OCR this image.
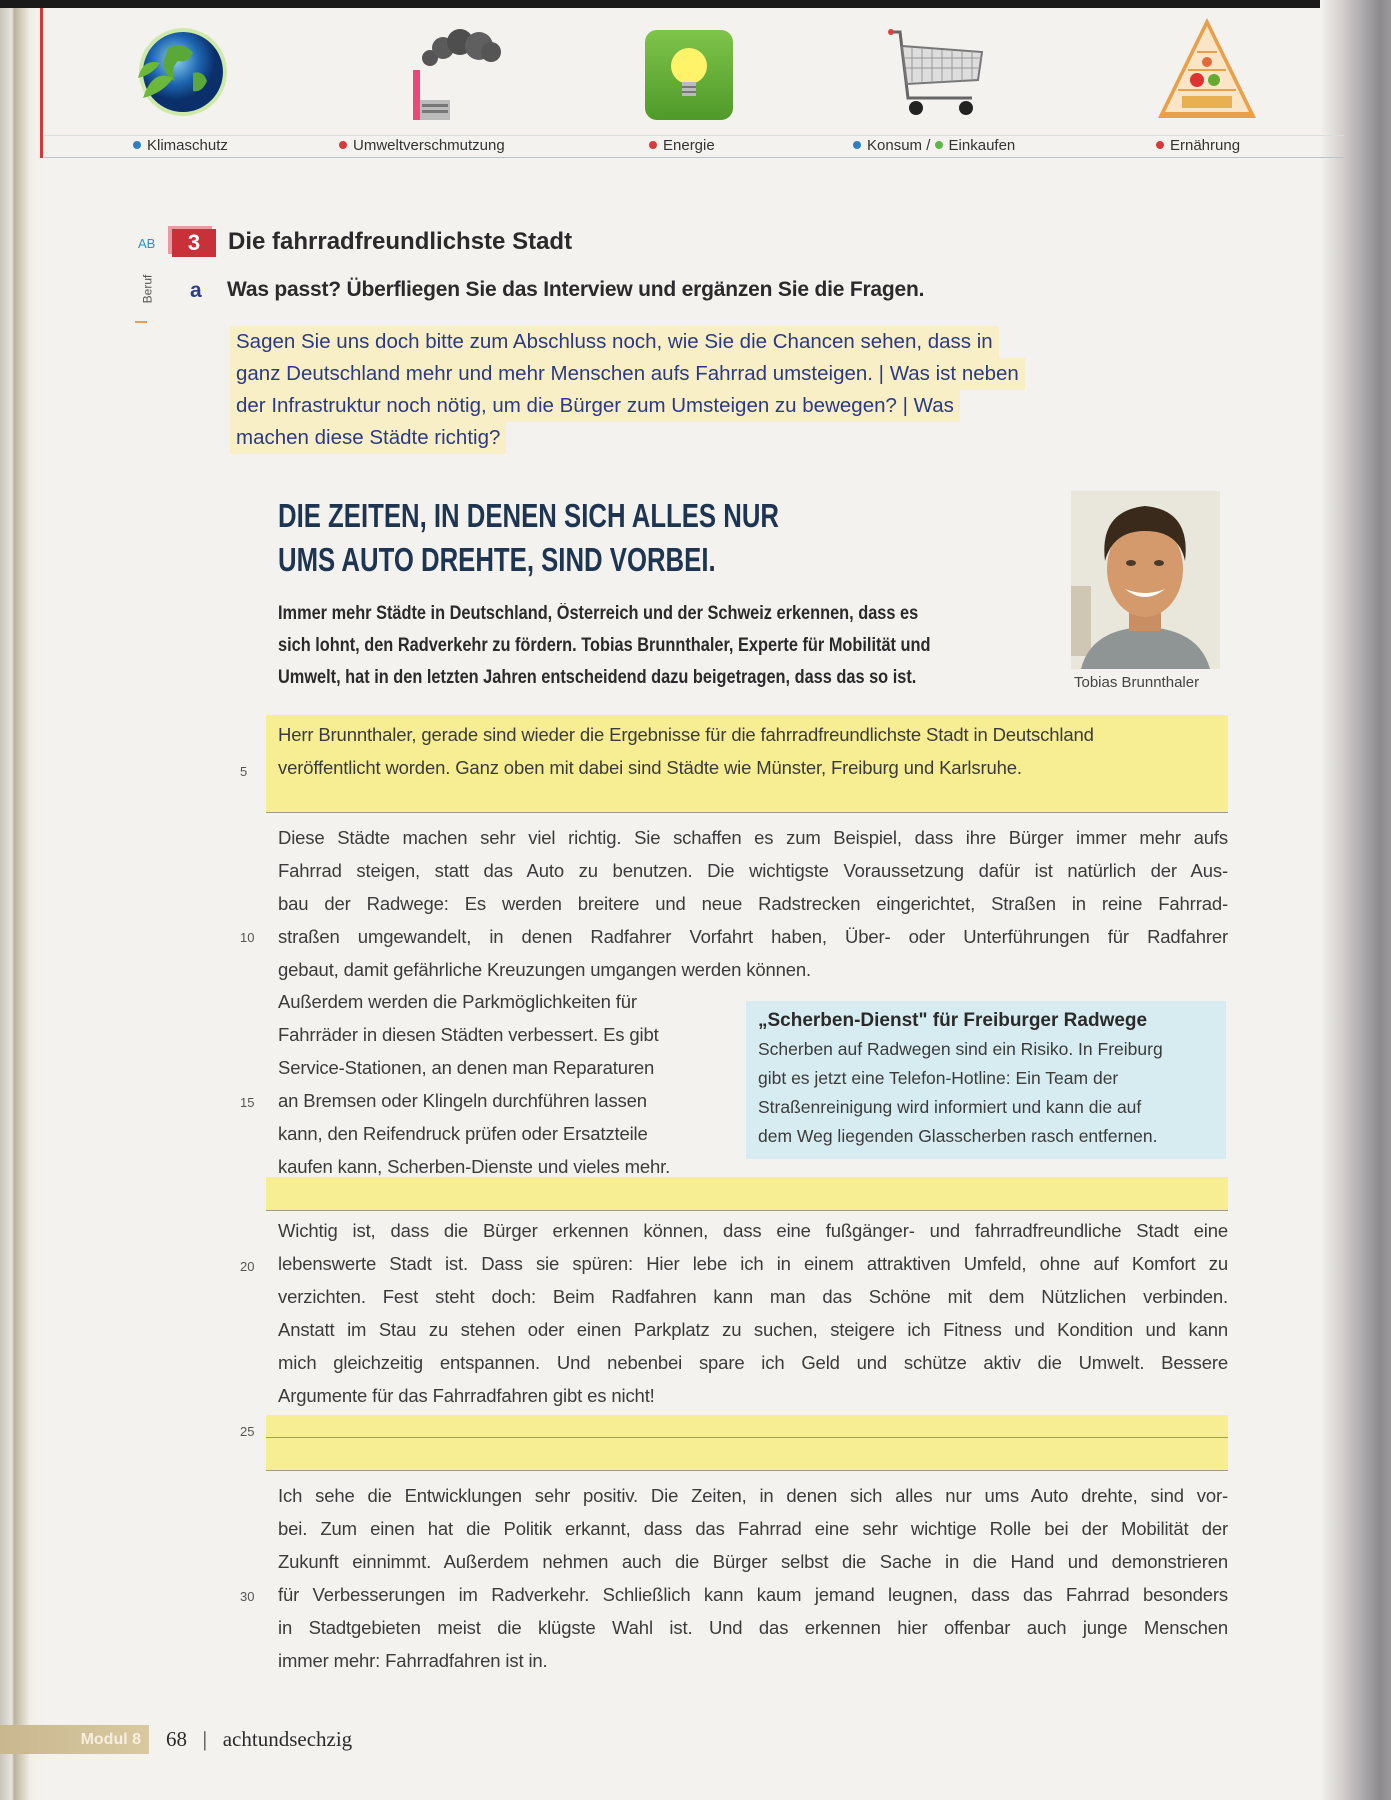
Klimaschutz	Umweltverschmutzung	Energie	Konsum / Einkaufen	Ernährung
AB	3	Die fahrradfreundlichste Stadt
Beruf a Was passt? Überfliegen Sie das Interview und ergänzen Sie die Fragen.
Sagen Sie uns doch bitte zum Abschluss noch, wie Sie die Chancen sehen, dass in
ganz Deutschland mehr und mehr Menschen aufs Fahrrad umsteigen. | Was ist neben
der Infrastruktur noch nötig, um die Bürger zum Umsteigen zu bewegen? | Was
machen diese Städte richtig?
DIE ZEITEN, IN DENEN SICH ALLES NUR
UMS AUTO DREHTE, SIND VORBEI.
Immer mehr Städte in Deutschland, Österreich und der Schweiz erkennen, dass es
sich lohnt, den Radverkehr zu fördern. Tobias Brunnthaler, Experte für Mobilität und
Umwelt, hat in den letzten Jahren entscheidend dazu beigetragen, dass das so ist.	Tobias Brunnthaler
Herr Brunnthaler, gerade sind wieder die Ergebnisse für die fahrradfreundlichste Stadt in Deutschland
veröffentlicht worden. Ganz oben mit dabei sind Städte wie Münster, Freiburg und Karlsruhe.
„Scherben-Dienst" für Freiburger Radwege
Diese Städte machen sehr viel richtig. Sie schaffen es zum Beispiel, dass ihre Bürger immer mehr aufs
Fahrrad steigen, statt das Auto zu benutzen. Die wichtigste Voraussetzung dafür ist natürlich der Aus-
bau der Radwege: Es werden breitere und neue Radstrecken eingerichtet, Straßen in reine Fahrrad-
straßen umgewandelt, in denen Radfahrer Vorfahrt haben, Über- oder Unterführungen für Radfahrer
gebaut, damit gefährliche Kreuzungen umgangen werden können.
Außerdem werden die Parkmöglichkeiten für
Fahrräder in diesen Städten verbessert. Es gibt
Service-Stationen, an denen man Reparaturen
an Bremsen oder Klingeln durchführen lassen
kann, den Reifendruck prüfen oder Ersatzteile
kaufen kann, Scherben-Dienste und vieles mehr.
Wichtig ist, dass die Bürger erkennen können, dass eine fußgänger- und fahrradfreundliche Stadt eine
lebenswerte Stadt ist. Dass sie spüren: Hier lebe ich in einem attraktiven Umfeld, ohne auf Komfort zu
verzichten. Fest steht doch: Beim Radfahren kann man das Schöne mit dem Nützlichen verbinden.
Anstatt im Stau zu stehen oder einen Parkplatz zu suchen, steigere ich Fitness und Kondition und kann
mich gleichzeitig entspannen. Und nebenbei spare ich Geld und schütze aktiv die Umwelt. Bessere
Argumente für das Fahrradfahren gibt es nicht!
Ich sehe die Entwicklungen sehr positiv. Die Zeiten, in denen sich alles nur ums Auto drehte, sind vor-
bei. Zum einen hat die Politik erkannt, dass das Fahrrad eine sehr wichtige Rolle bei der Mobilität der
Zukunft einnimmt. Außerdem nehmen auch die Bürger selbst die Sache in die Hand und demonstrieren
für Verbesserungen im Radverkehr. Schließlich kann kaum jemand leugnen, dass das Fahrrad besonders
in Stadtgebieten meist die klügste Wahl ist. Und das erkennen hier offenbar auch junge Menschen
immer mehr: Fahrradfahren ist in.
Scherben auf Radwegen sind ein Risiko. In Freiburg
gibt es jetzt eine Telefon-Hotline: Ein Team der
Straßenreinigung wird informiert und kann die auf
dem Weg liegenden Glasscherben rasch entfernen.
5
10
15
20
25
30
Modul 8	68 | achtundsechzig
